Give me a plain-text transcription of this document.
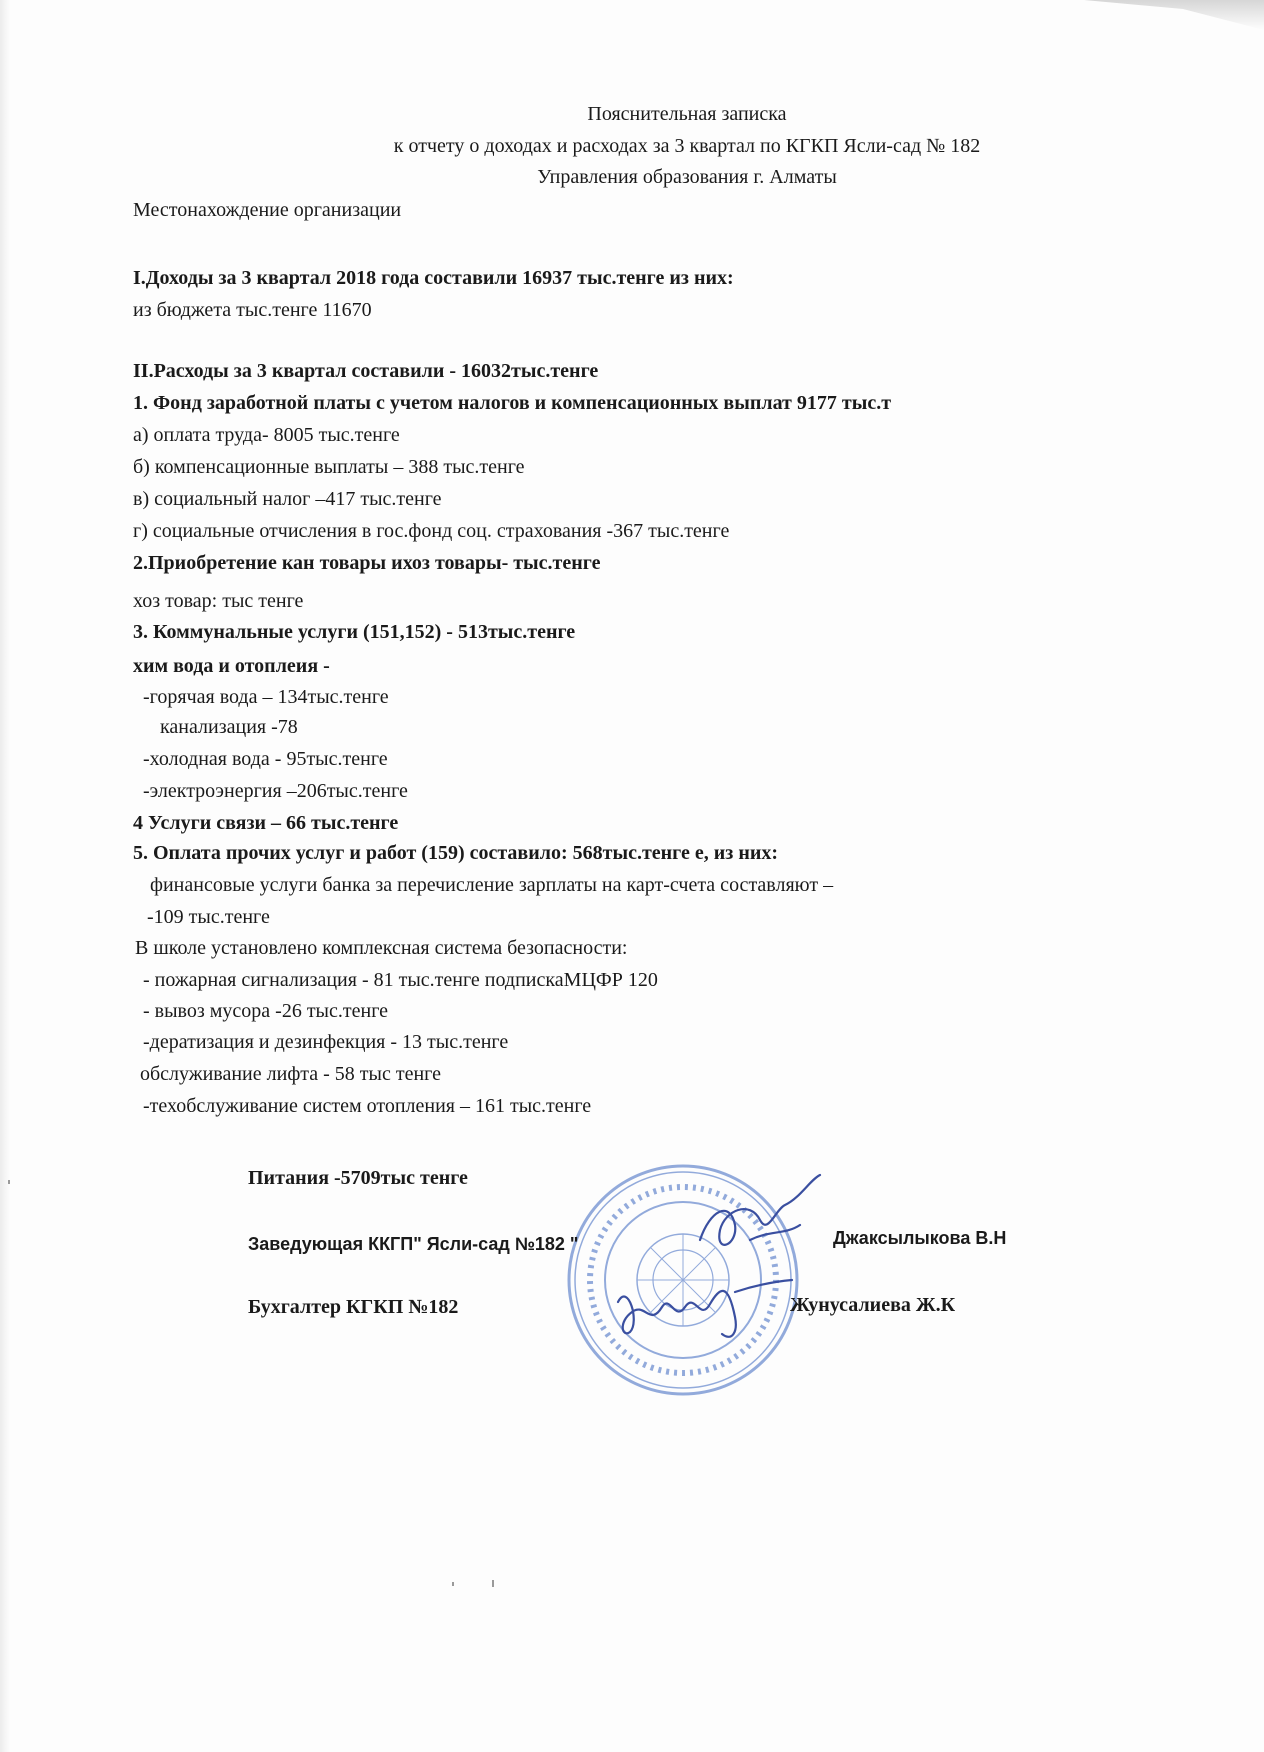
Пояснительная записка
к отчету о доходах и расходах за 3 квартал по КГКП Ясли-сад № 182
Управления образования г. Алматы
Местонахождение организации
I.Доходы за 3 квартал 2018 года составили 16937 тыс.тенге из них:
из бюджета тыс.тенге 11670
II.Расходы за 3 квартал составили - 16032тыс.тенге
1. Фонд заработной платы с учетом налогов и компенсационных выплат 9177 тыс.т
а) оплата труда- 8005 тыс.тенге
б) компенсационные выплаты – 388 тыс.тенге
в) социальный налог –417 тыс.тенге
г) социальные отчисления в гос.фонд соц. страхования -367 тыс.тенге
2.Приобретение кан товары ихоз товары- тыс.тенге
хоз товар: тыс тенге
3. Коммунальные услуги (151,152) - 513тыс.тенге
хим вода и отоплеия -
-горячая вода – 134тыс.тенге
канализация -78
-холодная вода - 95тыс.тенге
-электроэнергия –206тыс.тенге
4 Услуги связи – 66 тыс.тенге
5. Оплата прочих услуг и работ (159) составило: 568тыс.тенге е, из них:
финансовые услуги банка за перечисление зарплаты на карт-счета составляют –
-109 тыс.тенге
В школе установлено комплексная система безопасности:
- пожарная сигнализация - 81 тыс.тенге подпискаМЦФР 120
- вывоз мусора -26 тыс.тенге
-дератизация и дезинфекция - 13 тыс.тенге
обслуживание лифта - 58 тыс тенге
-техобслуживание систем отопления – 161 тыс.тенге
Питания -5709тыс тенге
Заведующая ККГП" Ясли-сад №182 "	Джаксылыкова В.Н
Бухгалтер КГКП №182	Жунусалиева Ж.К
